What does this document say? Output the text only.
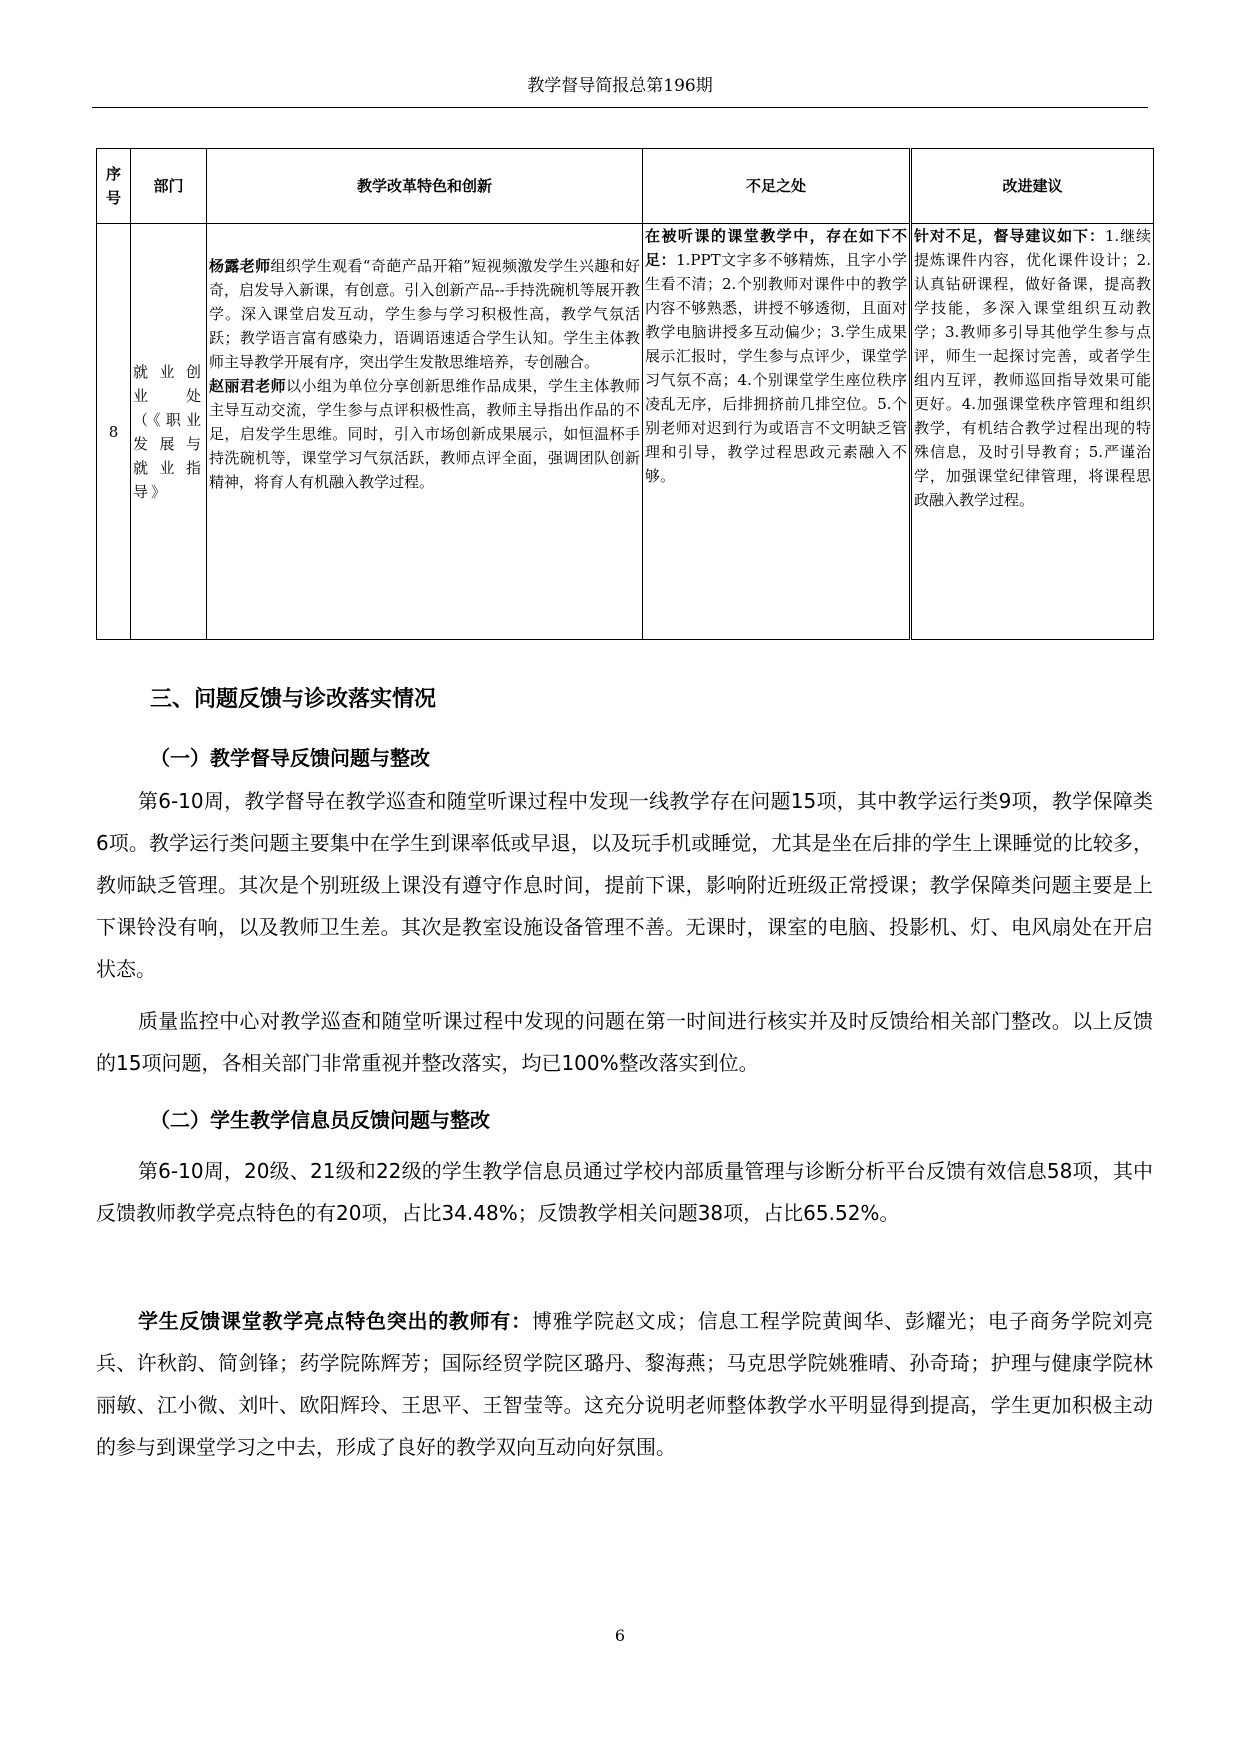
教学督导简报总第196期
序号	部门	教学改革特色和创新	不足之处	改进建议
8	就业创业处（《职业发展与就业指导》	杨露老师组织学生观看“奇葩产品开箱”短视频激发学生兴趣和好奇，启发导入新课，有创意。引入创新产品--手持洗碗机等展开教学。深入课堂启发互动，学生参与学习积极性高，教学气氛活跃；教学语言富有感染力，语调语速适合学生认知。学生主体教师主导教学开展有序，突出学生发散思维培养，专创融合。
赵丽君老师以小组为单位分享创新思维作品成果，学生主体教师主导互动交流，学生参与点评积极性高，教师主导指出作品的不足，启发学生思维。同时，引入市场创新成果展示，如恒温杯手持洗碗机等，课堂学习气氛活跃，教师点评全面，强调团队创新精神，将育人有机融入教学过程。	在被听课的课堂教学中，存在如下不足：1.PPT文字多不够精炼，且字小学生看不清；2.个别教师对课件中的教学内容不够熟悉，讲授不够透彻，且面对教学电脑讲授多互动偏少；3.学生成果展示汇报时，学生参与点评少，课堂学习气氛不高；4.个别课堂学生座位秩序凌乱无序，后排拥挤前几排空位。5.个别老师对迟到行为或语言不文明缺乏管理和引导，教学过程思政元素融入不够。	针对不足，督导建议如下：1.继续提炼课件内容，优化课件设计；2.认真钻研课程，做好备课，提高教学技能，多深入课堂组织互动教学；3.教师多引导其他学生参与点评，师生一起探讨完善，或者学生组内互评，教师巡回指导效果可能更好。4.加强课堂秩序管理和组织教学，有机结合教学过程出现的特殊信息，及时引导教育；5.严谨治学，加强课堂纪律管理，将课程思政融入教学过程。
三、问题反馈与诊改落实情况
（一）教学督导反馈问题与整改

第6-10周，教学督导在教学巡查和随堂听课过程中发现一线教学存在问题15项，其中教学运行类9项，教学保障类6项。教学运行类问题主要集中在学生到课率低或早退，以及玩手机或睡觉，尤其是坐在后排的学生上课睡觉的比较多，教师缺乏管理。其次是个别班级上课没有遵守作息时间，提前下课，影响附近班级正常授课；教学保障类问题主要是上下课铃没有响，以及教师卫生差。其次是教室设施设备管理不善。无课时，课室的电脑、投影机、灯、电风扇处在开启状态。

质量监控中心对教学巡查和随堂听课过程中发现的问题在第一时间进行核实并及时反馈给相关部门整改。以上反馈的15项问题，各相关部门非常重视并整改落实，均已100%整改落实到位。

（二）学生教学信息员反馈问题与整改

第6-10周，20级、21级和22级的学生教学信息员通过学校内部质量管理与诊断分析平台反馈有效信息58项，其中反馈教师教学亮点特色的有20项，占比34.48%；反馈教学相关问题38项，占比65.52%。

学生反馈课堂教学亮点特色突出的教师有：博雅学院赵文成；信息工程学院黄闽华、彭耀光；电子商务学院刘亮兵、许秋韵、简剑锋；药学院陈辉芳；国际经贸学院区璐丹、黎海燕；马克思学院姚雅晴、孙奇琦；护理与健康学院林丽敏、江小微、刘叶、欧阳辉玲、王思平、王智莹等。这充分说明老师整体教学水平明显得到提高，学生更加积极主动的参与到课堂学习之中去，形成了良好的教学双向互动向好氛围。

6
